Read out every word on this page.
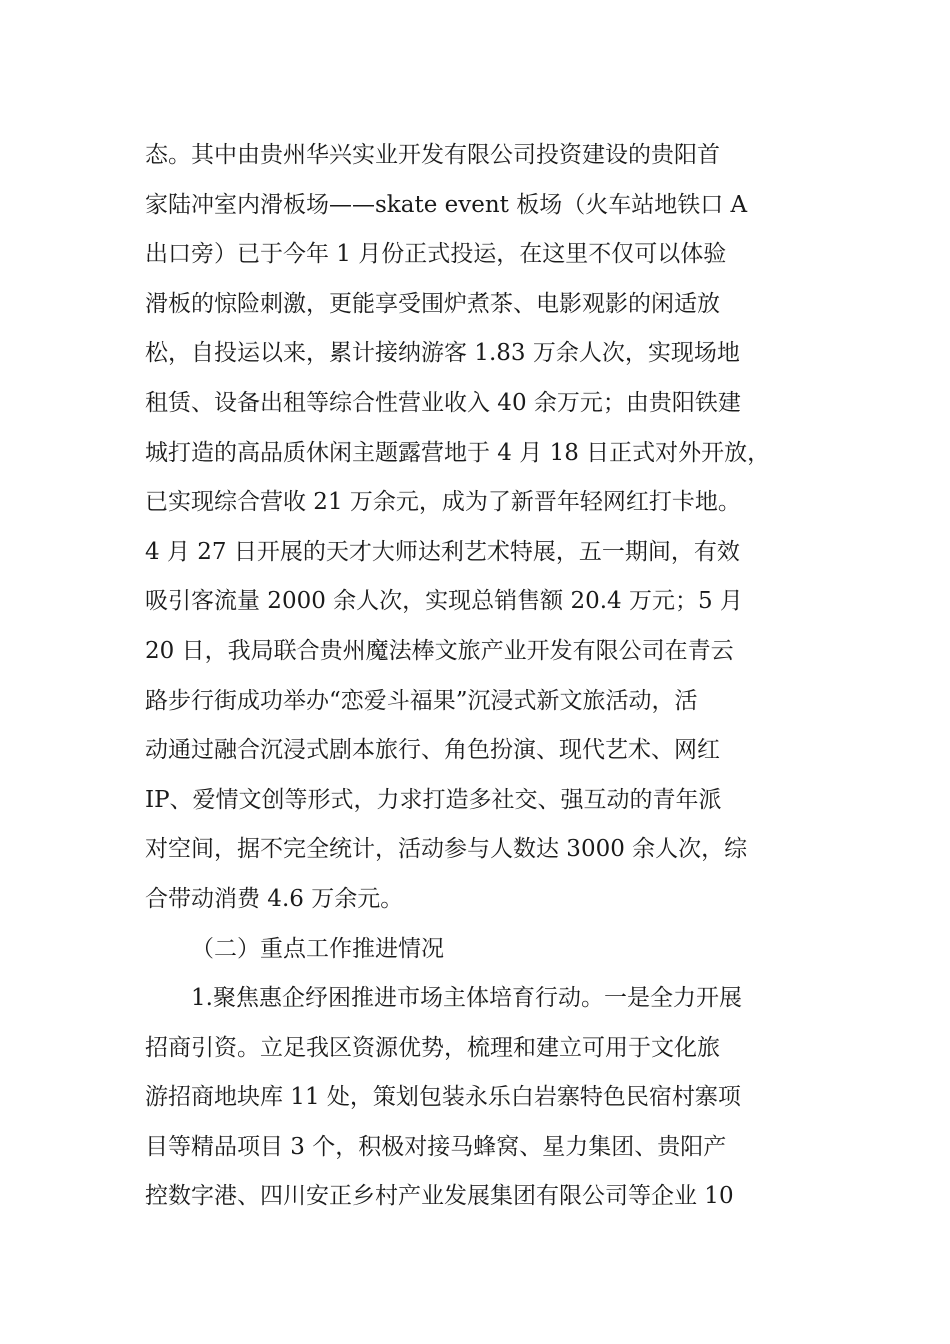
态。其中由贵州华兴实业开发有限公司投资建设的贵阳首
家陆冲室内滑板场——skate event 板场（火车站地铁口 A
出口旁）已于今年 1 月份正式投运，在这里不仅可以体验
滑板的惊险刺激，更能享受围炉煮茶、电影观影的闲适放
松，自投运以来，累计接纳游客 1.83 万余人次，实现场地
租赁、设备出租等综合性营业收入 40 余万元；由贵阳铁建
城打造的高品质休闲主题露营地于 4 月 18 日正式对外开放，
已实现综合营收 21 万余元，成为了新晋年轻网红打卡地。
4 月 27 日开展的天才大师达利艺术特展，五一期间，有效
吸引客流量 2000 余人次，实现总销售额 20.4 万元；5 月
20 日，我局联合贵州魔法棒文旅产业开发有限公司在青云
路步行街成功举办“恋爱斗福果”沉浸式新文旅活动，活
动通过融合沉浸式剧本旅行、角色扮演、现代艺术、网红
IP、爱情文创等形式，力求打造多社交、强互动的青年派
对空间，据不完全统计，活动参与人数达 3000 余人次，综
合带动消费 4.6 万余元。
（二）重点工作推进情况
1.聚焦惠企纾困推进市场主体培育行动。一是全力开展
招商引资。立足我区资源优势，梳理和建立可用于文化旅
游招商地块库 11 处，策划包装永乐白岩寨特色民宿村寨项
目等精品项目 3 个，积极对接马蜂窝、星力集团、贵阳产
控数字港、四川安正乡村产业发展集团有限公司等企业 10
